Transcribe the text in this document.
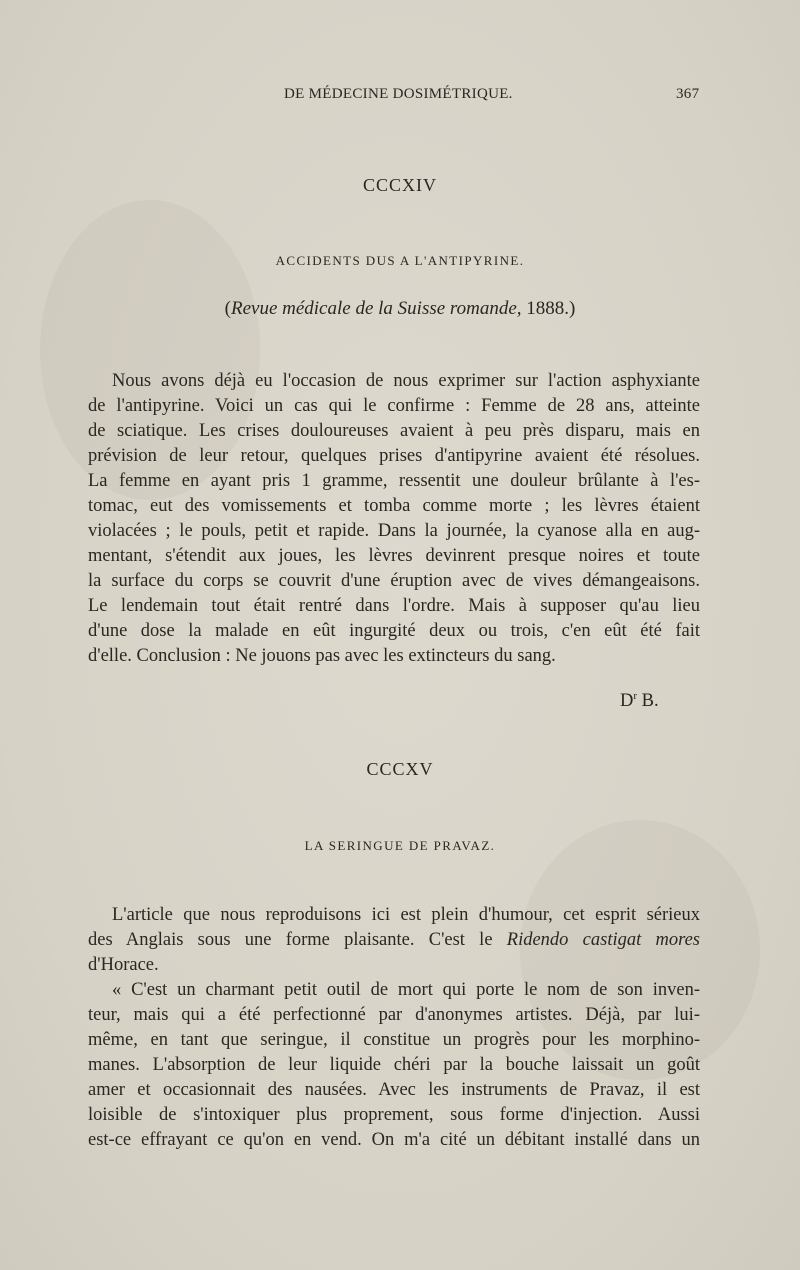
DE MÉDECINE DOSIMÉTRIQUE.	367
CCCXIV
ACCIDENTS DUS A L'ANTIPYRINE.
(Revue médicale de la Suisse romande, 1888.)
Nous avons déjà eu l'occasion de nous exprimer sur l'action asphyxiante
de l'antipyrine. Voici un cas qui le confirme : Femme de 28 ans, atteinte
de sciatique. Les crises douloureuses avaient à peu près disparu, mais en
prévision de leur retour, quelques prises d'antipyrine avaient été résolues.
La femme en ayant pris 1 gramme, ressentit une douleur brûlante à l'es-
tomac, eut des vomissements et tomba comme morte ; les lèvres étaient
violacées ; le pouls, petit et rapide. Dans la journée, la cyanose alla en aug-
mentant, s'étendit aux joues, les lèvres devinrent presque noires et toute
la surface du corps se couvrit d'une éruption avec de vives démangeaisons.
Le lendemain tout était rentré dans l'ordre. Mais à supposer qu'au lieu
d'une dose la malade en eût ingurgité deux ou trois, c'en eût été fait
d'elle. Conclusion : Ne jouons pas avec les extincteurs du sang.
$D^r$ B.
CCCXV
LA SERINGUE DE PRAVAZ.
L'article que nous reproduisons ici est plein d'humour, cet esprit sérieux
des Anglais sous une forme plaisante. C'est le Ridendo castigat mores
d'Horace.
« C'est un charmant petit outil de mort qui porte le nom de son inven-
teur, mais qui a été perfectionné par d'anonymes artistes. Déjà, par lui-
même, en tant que seringue, il constitue un progrès pour les morphino-
manes. L'absorption de leur liquide chéri par la bouche laissait un goût
amer et occasionnait des nausées. Avec les instruments de Pravaz, il est
loisible de s'intoxiquer plus proprement, sous forme d'injection. Aussi
est-ce effrayant ce qu'on en vend. On m'a cité un débitant installé dans un
